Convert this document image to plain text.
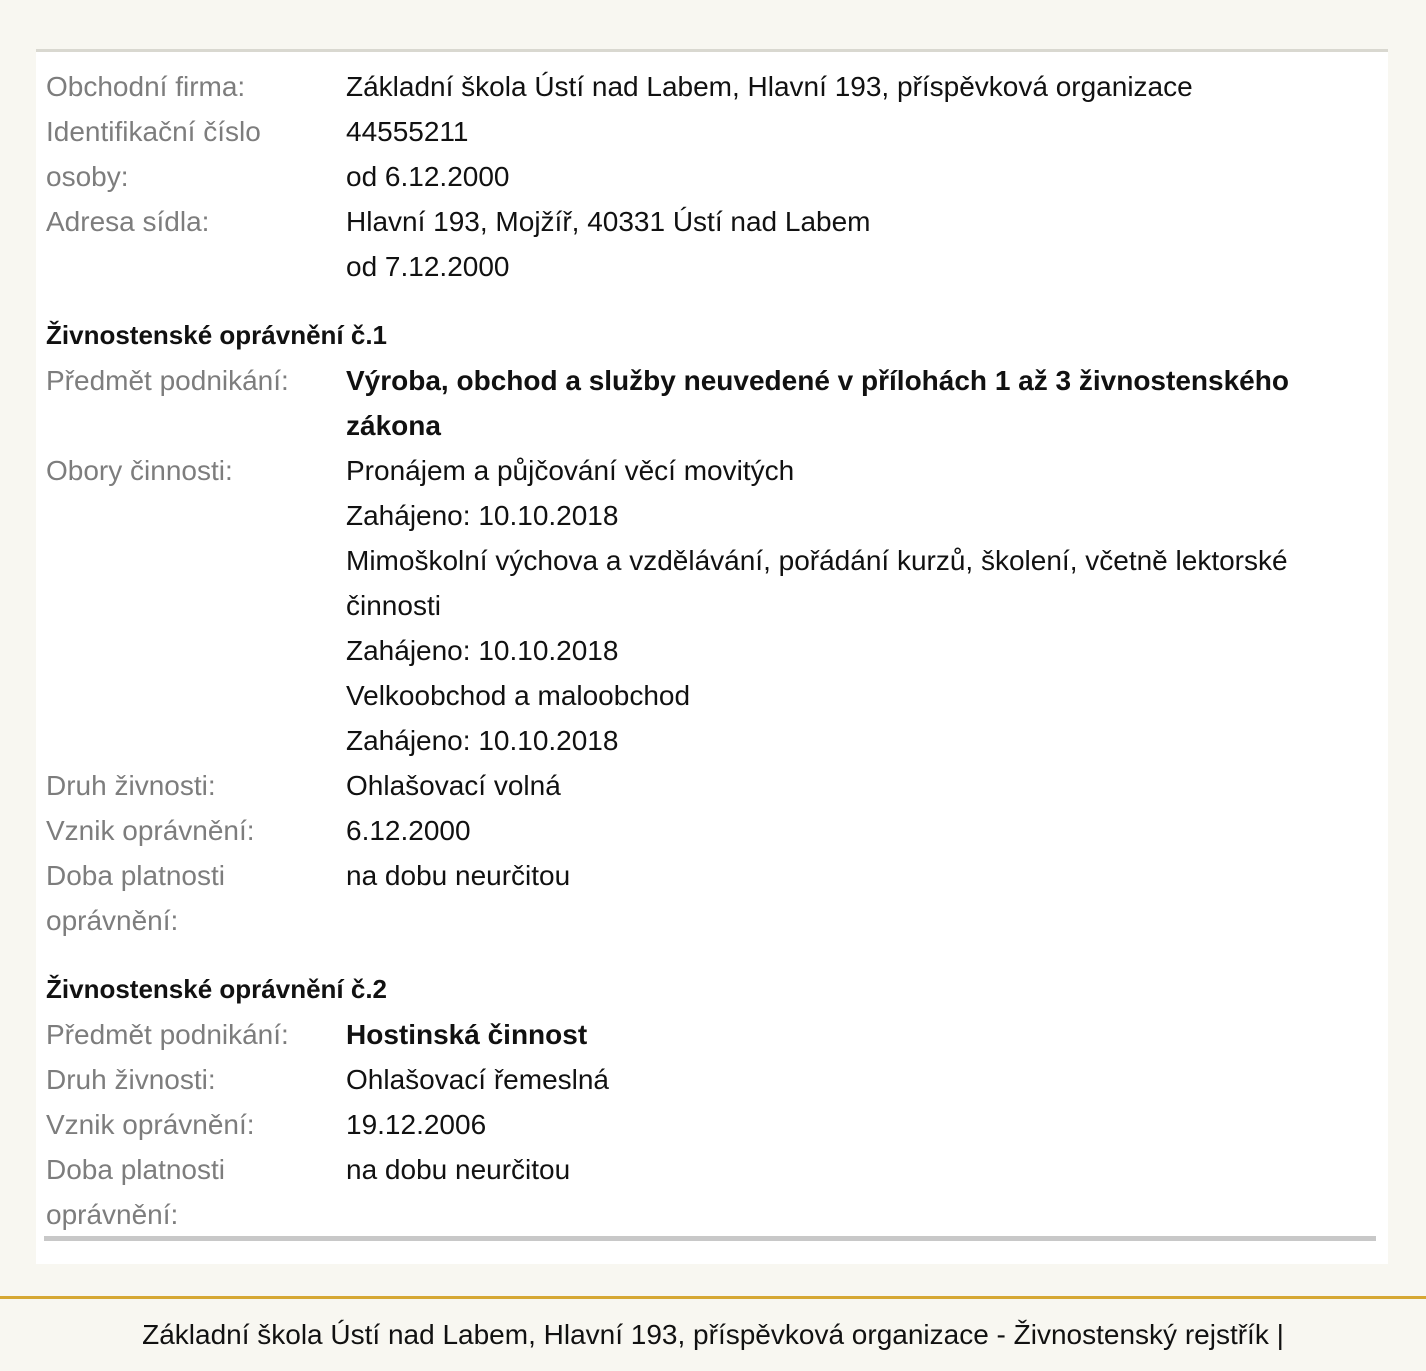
Obchodní firma:	Základní škola Ústí nad Labem, Hlavní 193, příspěvková organizace
Identifikační číslo
osoby:
44555211
od 6.12.2000
Adresa sídla:	Hlavní 193, Mojžíř, 40331 Ústí nad Labem
od 7.12.2000
Živnostenské oprávnění č.1
Předmět podnikání:	Výroba, obchod a služby neuvedené v přílohách 1 až 3 živnostenského zákona
Obory činnosti:	Pronájem a půjčování věcí movitých
Zahájeno: 10.10.2018
Mimoškolní výchova a vzdělávání, pořádání kurzů, školení, včetně lektorské činnosti
Zahájeno: 10.10.2018
Velkoobchod a maloobchod
Zahájeno: 10.10.2018
Druh živnosti:	Ohlašovací volná
Vznik oprávnění:	6.12.2000
Doba platnosti oprávnění:
na dobu neurčitou
Živnostenské oprávnění č.2
Předmět podnikání:	Hostinská činnost
Druh živnosti:	Ohlašovací řemeslná
Vznik oprávnění:	19.12.2006
Doba platnosti oprávnění:
na dobu neurčitou
Základní škola Ústí nad Labem, Hlavní 193, příspěvková organizace - Živnostenský rejstřík |
